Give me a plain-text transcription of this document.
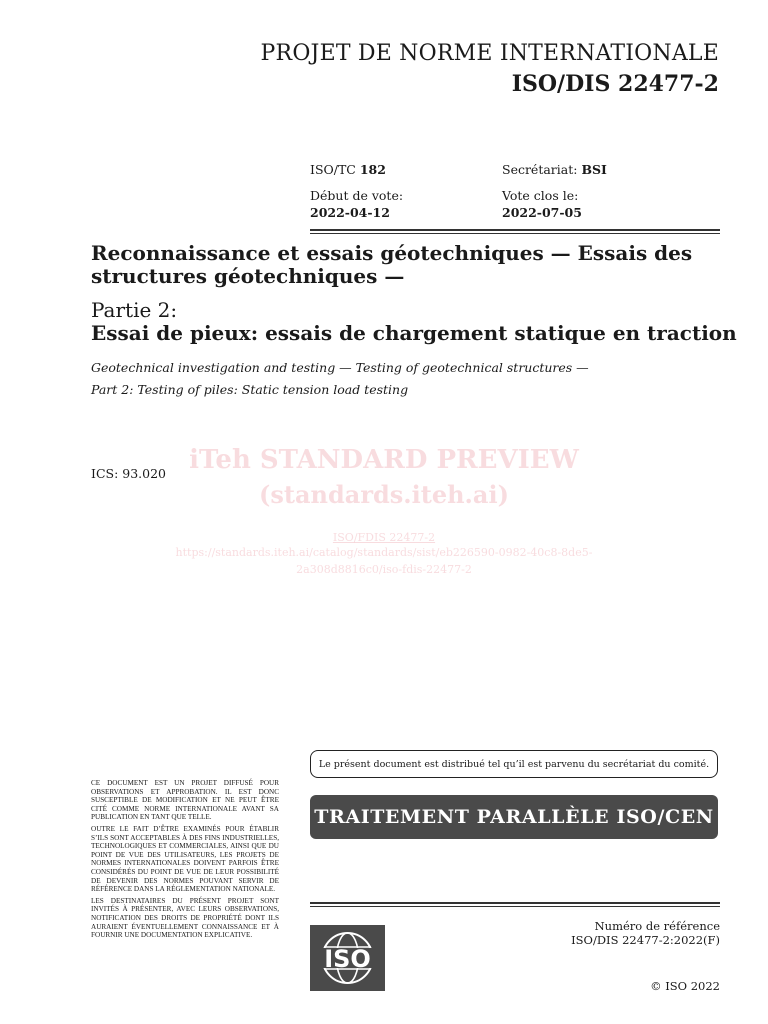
PROJET DE NORME INTERNATIONALE
ISO/DIS 22477-2
ISO/TC 182	Secrétariat: BSI
Début de vote:
2022-04-12
Vote clos le:
2022-07-05
Reconnaissance et essais géotechniques — Essais des structures géotechniques —
Partie 2:
Essai de pieux: essais de chargement statique en traction
Geotechnical investigation and testing — Testing of geotechnical structures —
Part 2: Testing of piles: Static tension load testing
ICS: 93.020 iTeh STANDARD PREVIEW
(standards.iteh.ai)
ISO/FDIS 22477-2
https://standards.iteh.ai/catalog/standards/sist/eb226590-0982-40c8-8de5-
2a308d8816c0/iso-fdis-22477-2
Le présent document est distribué tel qu’il est parvenu du secrétariat du comité.
TRAITEMENT PARALLÈLE ISO/CEN

CE DOCUMENT EST UN PROJET DIFFUSÉ POUR OBSERVATIONS ET APPROBATION. IL EST DONC SUSCEPTIBLE DE MODIFICATION ET NE PEUT ÊTRE CITÉ COMME NORME INTERNATIONALE AVANT SA PUBLICATION EN TANT QUE TELLE.

OUTRE LE FAIT D’ÊTRE EXAMINÉS POUR ÉTABLIR S’ILS SONT ACCEPTABLES À DES FINS INDUSTRIELLES, TECHNOLOGIQUES ET COMMERCIALES, AINSI QUE DU POINT DE VUE DES UTILISATEURS, LES PROJETS DE NORMES INTERNATIONALES DOIVENT PARFOIS ÊTRE CONSIDÉRÉS DU POINT DE VUE DE LEUR POSSIBILITÉ DE DEVENIR DES NORMES POUVANT SERVIR DE RÉFÉRENCE DANS LA RÉGLEMENTATION NATIONALE.

LES DESTINATAIRES DU PRÉSENT PROJET SONT INVITÉS À PRÉSENTER, AVEC LEURS OBSERVATIONS, NOTIFICATION DES DROITS DE PROPRIÉTÉ DONT ILS AURAIENT ÉVENTUELLEMENT CONNAISSANCE ET À FOURNIR UNE DOCUMENTATION EXPLICATIVE.

ISO
Numéro de référence
ISO/DIS 22477-2:2022(F)
© ISO 2022
